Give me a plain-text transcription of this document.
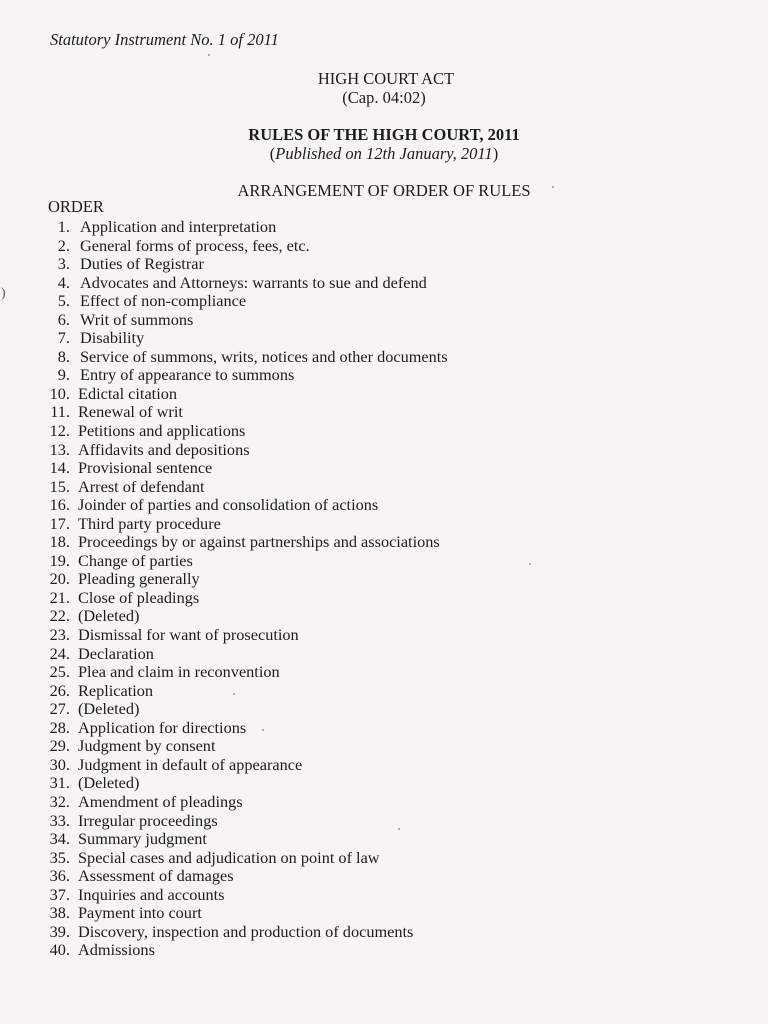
Statutory Instrument No. 1 of 2011
HIGH COURT ACT
(Cap. 04:02)
RULES OF THE HIGH COURT, 2011
(Published on 12th January, 2011)
ARRANGEMENT OF ORDER OF RULES
ORDER
1. Application and interpretation
2. General forms of process, fees, etc.
3. Duties of Registrar
4. Advocates and Attorneys: warrants to sue and defend
5. Effect of non-compliance
6. Writ of summons
7. Disability
8. Service of summons, writs, notices and other documents
9. Entry of appearance to summons
10. Edictal citation
11. Renewal of writ
12. Petitions and applications
13. Affidavits and depositions
14. Provisional sentence
15. Arrest of defendant
16. Joinder of parties and consolidation of actions
17. Third party procedure
18. Proceedings by or against partnerships and associations
19. Change of parties
20. Pleading generally
21. Close of pleadings
22. (Deleted)
23. Dismissal for want of prosecution
24. Declaration
25. Plea and claim in reconvention
26. Replication
27. (Deleted)
28. Application for directions
29. Judgment by consent
30. Judgment in default of appearance
31. (Deleted)
32. Amendment of pleadings
33. Irregular proceedings
34. Summary judgment
35. Special cases and adjudication on point of law
36. Assessment of damages
37. Inquiries and accounts
38. Payment into court
39. Discovery, inspection and production of documents
40. Admissions
)
